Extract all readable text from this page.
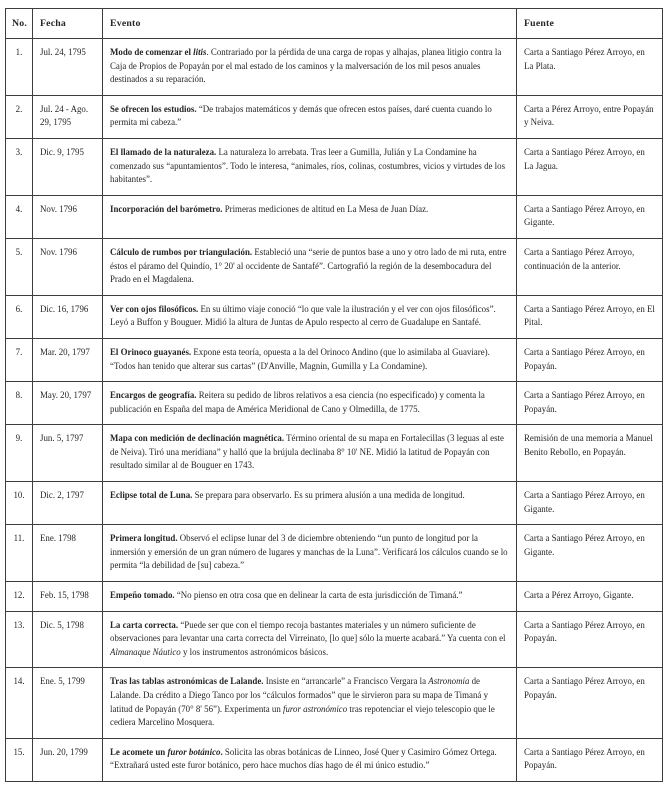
No.	Fecha	Evento	Fuente
1.	Jul. 24, 1795	Modo de comenzar el litis. Contrariado por la pérdida de una carga de ropas y alhajas, planea litigio contra la Caja de Propios de Popayán por el mal estado de los caminos y la malversación de los mil pesos anuales destinados a su reparación.	Carta a Santiago Pérez Arroyo, en La Plata.
2.	Jul. 24 - Ago. 29, 1795	Se ofrecen los estudios. “De trabajos matemáticos y demás que ofrecen estos países, daré cuenta cuando lo permita mi cabeza.”	Carta a Pérez Arroyo, entre Popayán y Neiva.
3.	Dic. 9, 1795	El llamado de la naturaleza. La naturaleza lo arrebata. Tras leer a Gumilla, Julián y La Condamine ha comenzado sus “apuntamientos”. Todo le interesa, “animales, ríos, colinas, costumbres, vicios y virtudes de los habitantes”.	Carta a Santiago Pérez Arroyo, en La Jagua.
4.	Nov. 1796	Incorporación del barómetro. Primeras mediciones de altitud en La Mesa de Juan Díaz.	Carta a Santiago Pérez Arroyo, en Gigante.
5.	Nov. 1796	Cálculo de rumbos por triangulación. Estableció una “serie de puntos base a uno y otro lado de mi ruta, entre éstos el páramo del Quindío, 1° 20' al occidente de Santafé”. Cartografió la región de la desembocadura del Prado en el Magdalena.	Carta a Santiago Pérez Arroyo, continuación de la anterior.
6.	Dic. 16, 1796	Ver con ojos filosóficos. En su último viaje conoció “lo que vale la ilustración y el ver con ojos filosóficos”. Leyó a Buffon y Bouguer. Midió la altura de Juntas de Apulo respecto al cerro de Guadalupe en Santafé.	Carta a Santiago Pérez Arroyo, en El Pital.
7.	Mar. 20, 1797	El Orinoco guayanés. Expone esta teoría, opuesta a la del Orinoco Andino (que lo asimilaba al Guaviare). “Todos han tenido que alterar sus cartas” (D'Anville, Magnin, Gumilla y La Condamine).	Carta a Santiago Pérez Arroyo, en Popayán.
8.	May. 20, 1797	Encargos de geografía. Reitera su pedido de libros relativos a esa ciencia (no especificado) y comenta la publicación en España del mapa de América Meridional de Cano y Olmedilla, de 1775.	Carta a Santiago Pérez Arroyo, en Popayán.
9.	Jun. 5, 1797	Mapa con medición de declinación magnética. Término oriental de su mapa en Fortalecillas (3 leguas al este de Neiva). Tiró una meridiana” y halló que la brújula declinaba 8° 10' NE. Midió la latitud de Popayán con resultado similar al de Bouguer en 1743.	Remisión de una memoria a Manuel Benito Rebollo, en Popayán.
10.	Dic. 2, 1797	Eclipse total de Luna. Se prepara para observarlo. Es su primera alusión a una medida de longitud.	Carta a Santiago Pérez Arroyo, en Gigante.
11.	Ene. 1798	Primera longitud. Observó el eclipse lunar del 3 de diciembre obteniendo “un punto de longitud por la inmersión y emersión de un gran número de lugares y manchas de la Luna”. Verificará los cálculos cuando se lo permita “la debilidad de [su] cabeza.”	Carta a Santiago Pérez Arroyo, en Gigante.
12.	Feb. 15, 1798	Empeño tomado. “No pienso en otra cosa que en delinear la carta de esta jurisdicción de Timaná.”	Carta a Pérez Arroyo, Gigante.
13.	Dic. 5, 1798	La carta correcta. “Puede ser que con el tiempo recoja bastantes materiales y un número suficiente de observaciones para levantar una carta correcta del Virreinato, [lo que] sólo la muerte acabará.” Ya cuenta con el Almanaque Náutico y los instrumentos astronómicos básicos.	Carta a Santiago Pérez Arroyo, en Popayán.
14.	Ene. 5, 1799	Tras las tablas astronómicas de Lalande. Insiste en “arrancarle” a Francisco Vergara la Astronomía de Lalande. Da crédito a Diego Tanco por los “cálculos formados” que le sirvieron para su mapa de Timaná y latitud de Popayán (70° 8' 56”). Experimenta un furor astronómico tras repotenciar el viejo telescopio que le cediera Marcelino Mosquera.	Carta a Santiago Pérez Arroyo, en Popayán.
15.	Jun. 20, 1799	Le acomete un furor botánico. Solicita las obras botánicas de Linneo, José Quer y Casimiro Gómez Ortega. “Extrañará usted este furor botánico, pero hace muchos días hago de él mi único estudio.”	Carta a Santiago Pérez Arroyo, en Popayán.
